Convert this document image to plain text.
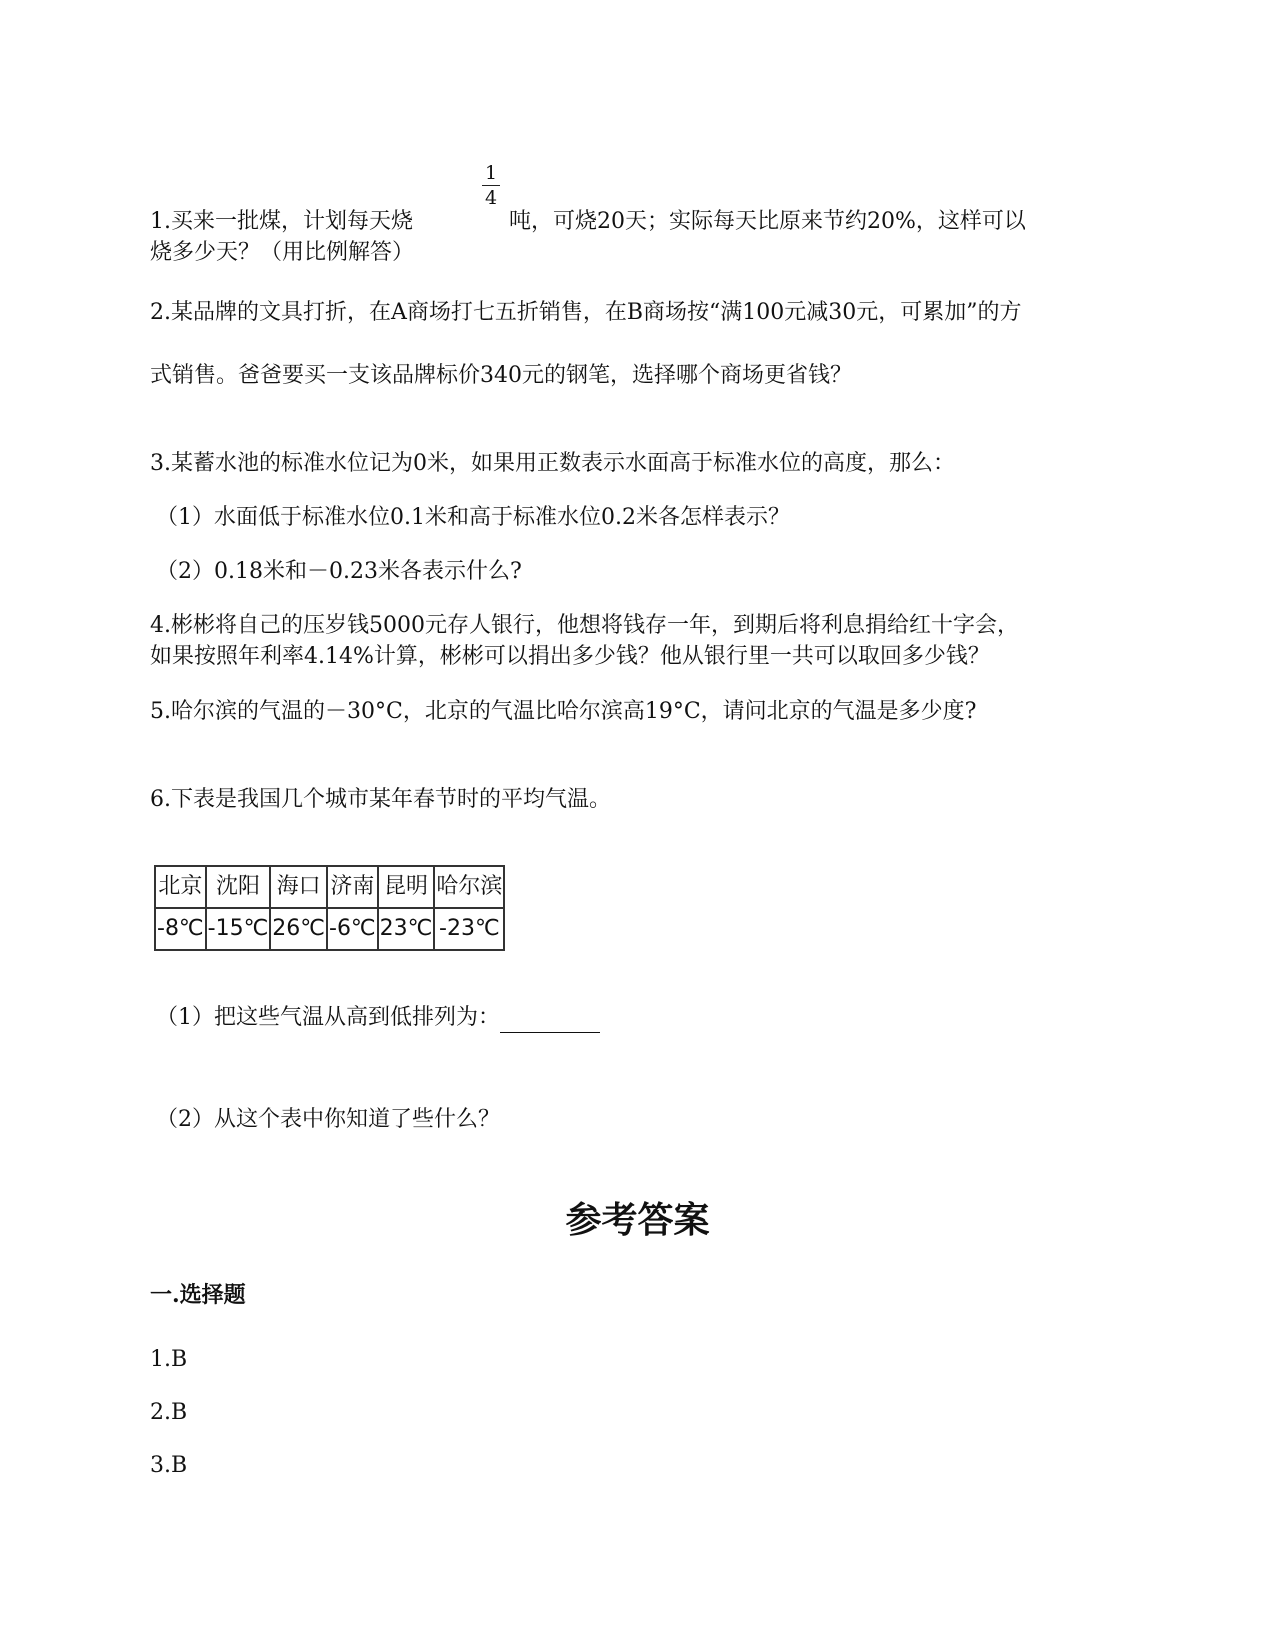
1
4
1.买来一批煤，计划每天烧	吨，可烧20天；实际每天比原来节约20%，这样可以
烧多少天？（用比例解答）
2.某品牌的文具打折，在A商场打七五折销售，在B商场按“满100元减30元，可累加”的方
式销售。爸爸要买一支该品牌标价340元的钢笔，选择哪个商场更省钱？
3.某蓄水池的标准水位记为0米，如果用正数表示水面高于标准水位的高度，那么：
（1）水面低于标准水位0.1米和高于标准水位0.2米各怎样表示？
（2）0.18米和－0.23米各表示什么?
4.彬彬将自己的压岁钱5000元存人银行，他想将钱存一年，到期后将利息捐给红十字会，
如果按照年利率4.14%计算，彬彬可以捐出多少钱？他从银行里一共可以取回多少钱？
5.哈尔滨的气温的－30°C，北京的气温比哈尔滨高19°C，请问北京的气温是多少度?
6.下表是我国几个城市某年春节时的平均气温。
北京	沈阳	海口	济南	昆明	哈尔滨
-8℃	-15℃	26℃	-6℃	23℃	-23℃
（1）把这些气温从高到低排列为：
（2）从这个表中你知道了些什么？
参考答案
一.选择题
1.B
2.B
3.B
